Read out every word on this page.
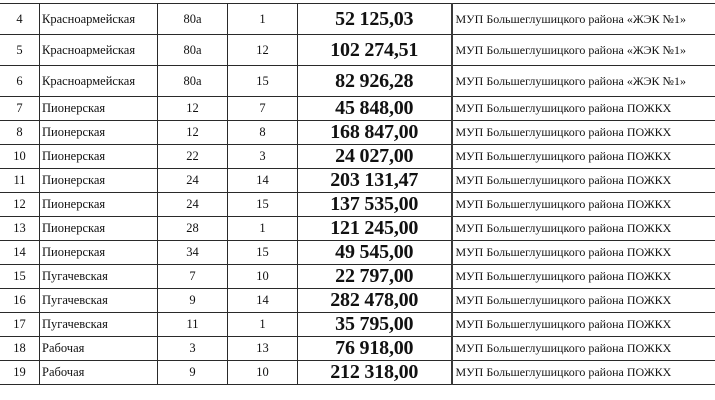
4	Красноармейская	80а	1	52 125,03	МУП Большеглушицкого района «ЖЭК №1»
5	Красноармейская	80а	12	102 274,51	МУП Большеглушицкого района «ЖЭК №1»
6	Красноармейская	80а	15	82 926,28	МУП Большеглушицкого района «ЖЭК №1»
7	Пионерская	12	7	45 848,00	МУП Большеглушицкого района ПОЖКХ
8	Пионерская	12	8	168 847,00	МУП Большеглушицкого района ПОЖКХ
10	Пионерская	22	3	24 027,00	МУП Большеглушицкого района ПОЖКХ
11	Пионерская	24	14	203 131,47	МУП Большеглушицкого района ПОЖКХ
12	Пионерская	24	15	137 535,00	МУП Большеглушицкого района ПОЖКХ
13	Пионерская	28	1	121 245,00	МУП Большеглушицкого района ПОЖКХ
14	Пионерская	34	15	49 545,00	МУП Большеглушицкого района ПОЖКХ
15	Пугачевская	7	10	22 797,00	МУП Большеглушицкого района ПОЖКХ
16	Пугачевская	9	14	282 478,00	МУП Большеглушицкого района ПОЖКХ
17	Пугачевская	11	1	35 795,00	МУП Большеглушицкого района ПОЖКХ
18	Рабочая	3	13	76 918,00	МУП Большеглушицкого района ПОЖКХ
19	Рабочая	9	10	212 318,00	МУП Большеглушицкого района ПОЖКХ
